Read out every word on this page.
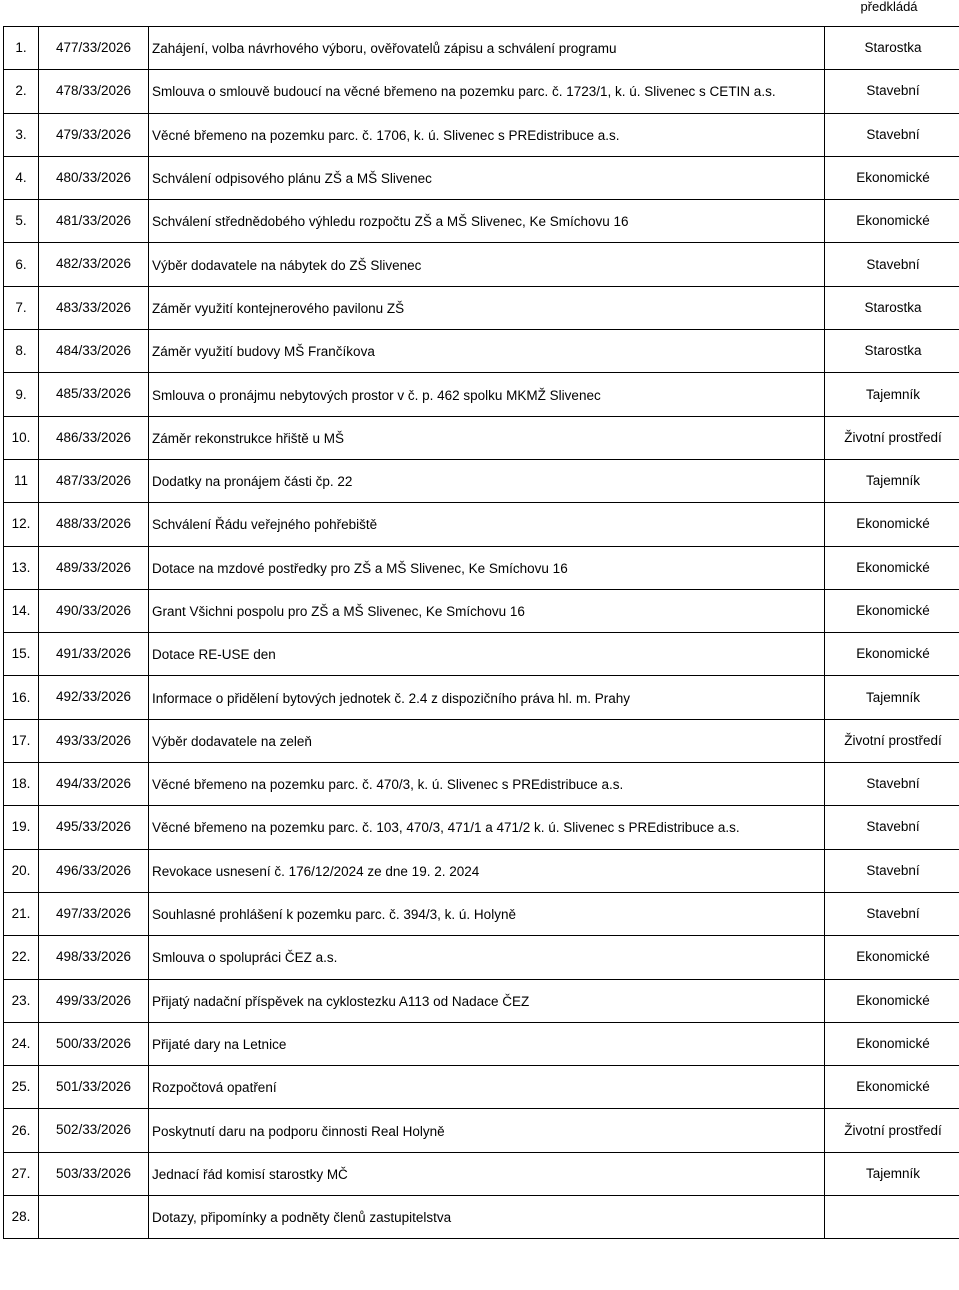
předkládá
1.	477/33/2026	Zahájení, volba návrhového výboru, ověřovatelů zápisu a schválení programu	Starostka
2.	478/33/2026	Smlouva o smlouvě budoucí na věcné břemeno na pozemku parc. č. 1723/1, k. ú. Slivenec s CETIN a.s.	Stavební
3.	479/33/2026	Věcné břemeno na pozemku parc. č. 1706, k. ú. Slivenec s PREdistribuce a.s.	Stavební
4.	480/33/2026	Schválení odpisového plánu ZŠ a MŠ Slivenec	Ekonomické
5.	481/33/2026	Schválení střednědobého výhledu rozpočtu ZŠ a MŠ Slivenec, Ke Smíchovu 16	Ekonomické
6.	482/33/2026	Výběr dodavatele na nábytek do ZŠ Slivenec	Stavební
7.	483/33/2026	Záměr využití kontejnerového pavilonu ZŠ	Starostka
8.	484/33/2026	Záměr využití budovy MŠ Frančíkova	Starostka
9.	485/33/2026	Smlouva o pronájmu nebytových prostor v č. p. 462 spolku MKMŽ Slivenec	Tajemník
10.	486/33/2026	Záměr rekonstrukce hřiště u MŠ	Životní prostředí
11	487/33/2026	Dodatky na pronájem části čp. 22	Tajemník
12.	488/33/2026	Schválení Řádu veřejného pohřebiště	Ekonomické
13.	489/33/2026	Dotace na mzdové postředky pro ZŠ a MŠ Slivenec, Ke Smíchovu 16	Ekonomické
14.	490/33/2026	Grant Všichni pospolu pro ZŠ a MŠ Slivenec, Ke Smíchovu 16	Ekonomické
15.	491/33/2026	Dotace RE-USE den	Ekonomické
16.	492/33/2026	Informace o přidělení bytových jednotek č. 2.4 z dispozičního práva hl. m. Prahy	Tajemník
17.	493/33/2026	Výběr dodavatele na zeleň	Životní prostředí
18.	494/33/2026	Věcné břemeno na pozemku parc. č. 470/3, k. ú. Slivenec s PREdistribuce a.s.	Stavební
19.	495/33/2026	Věcné břemeno na pozemku parc. č. 103, 470/3, 471/1 a 471/2 k. ú. Slivenec s PREdistribuce a.s.	Stavební
20.	496/33/2026	Revokace usnesení č. 176/12/2024 ze dne 19. 2. 2024	Stavební
21.	497/33/2026	Souhlasné prohlášení k pozemku parc. č. 394/3, k. ú. Holyně	Stavební
22.	498/33/2026	Smlouva o spolupráci ČEZ a.s.	Ekonomické
23.	499/33/2026	Přijatý nadační příspěvek na cyklostezku A113 od Nadace ČEZ	Ekonomické
24.	500/33/2026	Přijaté dary na Letnice	Ekonomické
25.	501/33/2026	Rozpočtová opatření	Ekonomické
26.	502/33/2026	Poskytnutí daru na podporu činnosti Real Holyně	Životní prostředí
27.	503/33/2026	Jednací řád komisí starostky MČ	Tajemník
28.		Dotazy, připomínky a podněty členů zastupitelstva	
